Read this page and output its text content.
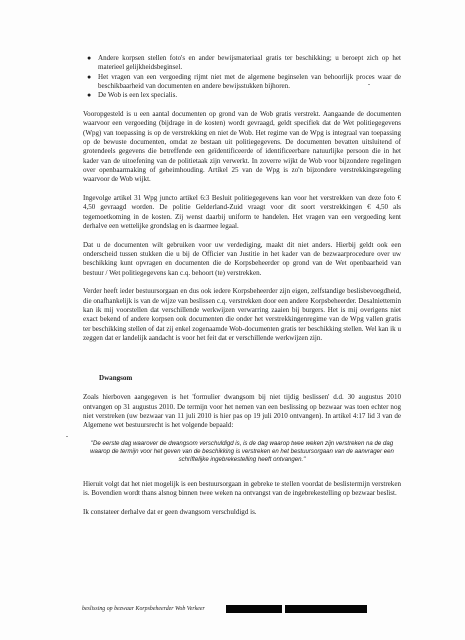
● Andere korpsen stellen foto's en ander bewijsmateriaal gratis ter beschikking; u beroept zich op het materieel gelijkheidsbeginsel.
● Het vragen van een vergoeding rijmt niet met de algemene beginselen van behoorlijk proces waar de beschikbaarheid van documenten en andere bewijsstukken bijhoren.
● De Wob is een lex specialis.

Vooropgesteld is u een aantal documenten op grond van de Wob gratis verstrekt. Aangaande de documenten waarvoor een vergoeding (bijdrage in de kosten) wordt gevraagd, geldt specifiek dat de Wet politiegegevens (Wpg) van toepassing is op de verstrekking en niet de Wob. Het regime van de Wpg is integraal van toepassing op de bewuste documenten, omdat ze bestaan uit politiegegevens. De documenten bevatten uitsluitend of grotendeels gegevens die betreffende een geïdentificeerde of identificeerbare natuurlijke persoon die in het kader van de uitoefening van de politietaak zijn verwerkt. In zoverre wijkt de Wob voor bijzondere regelingen over openbaarmaking of geheimhouding. Artikel 25 van de Wpg is zo'n bijzondere verstrekkingsregeling waarvoor de Wob wijkt.

Ingevolge artikel 31 Wpg juncto artikel 6:3 Besluit politiegegevens kan voor het verstrekken van deze foto € 4,50 gevraagd worden. De politie Gelderland-Zuid vraagt voor dit soort verstrekkingen € 4,50 als tegemoetkoming in de kosten. Zij wenst daarbij uniform te handelen. Het vragen van een vergoeding kent derhalve een wettelijke grondslag en is daarmee legaal.

Dat u de documenten wilt gebruiken voor uw verdediging, maakt dit niet anders. Hierbij geldt ook een onderscheid tussen stukken die u bij de Officier van Justitie in het kader van de bezwaarprocedure over uw beschikking kunt opvragen en documenten die de Korpsbeheerder op grond van de Wet openbaarheid van bestuur / Wet politiegegevens kan c.q. behoort (te) verstrekken.

Verder heeft ieder bestuursorgaan en dus ook iedere Korpsbeheerder zijn eigen, zelfstandige beslisbevoegdheid, die onafhankelijk is van de wijze van beslissen c.q. verstrekken door een andere Korpsbeheerder. Desalniettemin kan ik mij voorstellen dat verschillende werkwijzen verwarring zaaien bij burgers. Het is mij overigens niet exact bekend of andere korpsen ook documenten die onder het verstrekkingenregime van de Wpg vallen gratis ter beschikking stellen of dat zij enkel zogenaamde Wob-documenten gratis ter beschikking stellen. Wel kan ik u zeggen dat er landelijk aandacht is voor het feit dat er verschillende werkwijzen zijn.

Dwangsom

Zoals hierboven aangegeven is het 'formulier dwangsom bij niet tijdig beslissen' d.d. 30 augustus 2010 ontvangen op 31 augustus 2010. De termijn voor het nemen van een beslissing op bezwaar was toen echter nog niet verstreken (uw bezwaar van 11 juli 2010 is hier pas op 19 juli 2010 ontvangen). In artikel 4:17 lid 3 van de Algemene wet bestuursrecht is het volgende bepaald:

"De eerste dag waarover de dwangsom verschuldigd is, is de dag waarop twee weken zijn verstreken na de dag waarop de termijn voor het geven van de beschikking is verstreken en het bestuursorgaan van de aanvrager een schriftelijke ingebrekestelling heeft ontvangen."

Hieruit volgt dat het niet mogelijk is een bestuursorgaan in gebreke te stellen voordat de beslistermijn verstreken is. Bovendien wordt thans alsnog binnen twee weken na ontvangst van de ingebrekestelling op bezwaar beslist.

Ik constateer derhalve dat er geen dwangsom verschuldigd is.

beslissing op bezwaar Korpsbeheerder Wob Verkeer
